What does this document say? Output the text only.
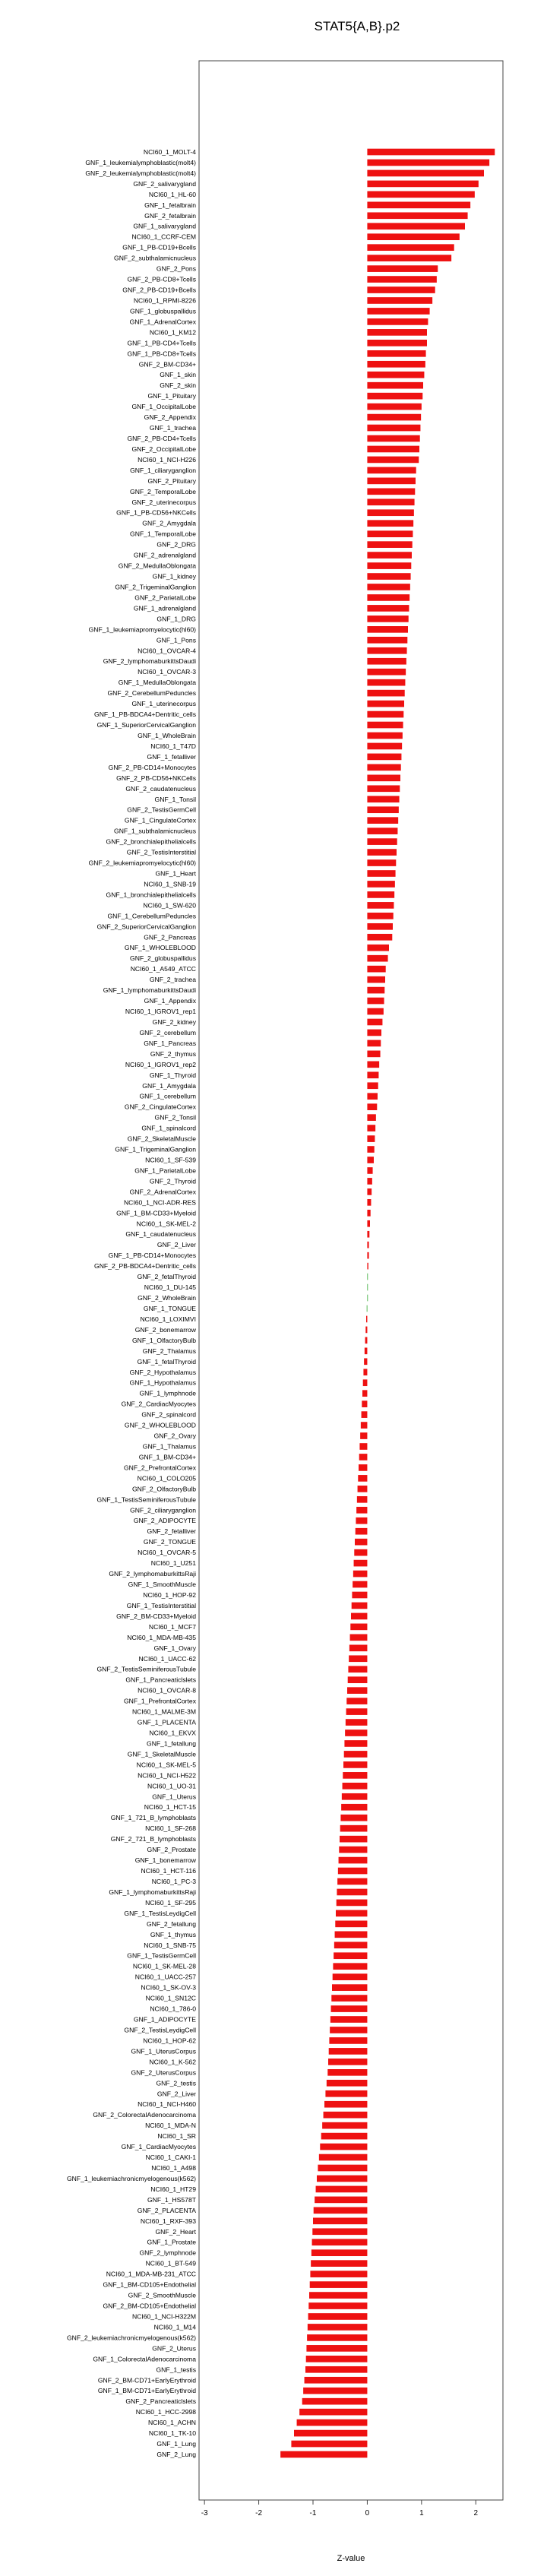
STAT5{A,B}.p2
NCI60_1_MOLT-4
GNF_1_leukemialymphoblastic(molt4)
GNF_2_leukemialymphoblastic(molt4)
GNF_2_salivarygland
NCI60_1_HL-60
GNF_1_fetalbrain
GNF_2_fetalbrain
GNF_1_salivarygland
NCI60_1_CCRF-CEM
GNF_1_PB-CD19+Bcells
GNF_2_subthalamicnucleus
GNF_2_Pons
GNF_2_PB-CD8+Tcells
GNF_2_PB-CD19+Bcells
NCI60_1_RPMI-8226
GNF_1_globuspallidus
GNF_1_AdrenalCortex
NCI60_1_KM12
GNF_1_PB-CD4+Tcells
GNF_1_PB-CD8+Tcells
GNF_2_BM-CD34+
GNF_1_skin
GNF_2_skin
GNF_1_Pituitary
GNF_1_OccipitalLobe
GNF_2_Appendix
GNF_1_trachea
GNF_2_PB-CD4+Tcells
GNF_2_OccipitalLobe
NCI60_1_NCI-H226
GNF_1_ciliaryganglion
GNF_2_Pituitary
GNF_2_TemporalLobe
GNF_2_uterinecorpus
GNF_1_PB-CD56+NKCells
GNF_2_Amygdala
GNF_1_TemporalLobe
GNF_2_DRG
GNF_2_adrenalgland
GNF_2_MedullaOblongata
GNF_1_kidney
GNF_2_TrigeminalGanglion
GNF_2_ParietalLobe
GNF_1_adrenalgland
GNF_1_DRG
GNF_1_leukemiapromyelocytic(hl60)
GNF_1_Pons
NCI60_1_OVCAR-4
GNF_2_lymphomaburkittsDaudi
NCI60_1_OVCAR-3
GNF_1_MedullaOblongata
GNF_2_CerebellumPeduncles
GNF_1_uterinecorpus
GNF_1_PB-BDCA4+Dentritic_cells
GNF_1_SuperiorCervicalGanglion
GNF_1_WholeBrain
NCI60_1_T47D
GNF_1_fetalliver
GNF_2_PB-CD14+Monocytes
GNF_2_PB-CD56+NKCells
GNF_2_caudatenucleus
GNF_1_Tonsil
GNF_2_TestisGermCell
GNF_1_CingulateCortex
GNF_1_subthalamicnucleus
GNF_2_bronchialepithelialcells
GNF_2_TestisInterstitial
GNF_2_leukemiapromyelocytic(hl60)
GNF_1_Heart
NCI60_1_SNB-19
GNF_1_bronchialepithelialcells
NCI60_1_SW-620
GNF_1_CerebellumPeduncles
GNF_2_SuperiorCervicalGanglion
GNF_2_Pancreas
GNF_1_WHOLEBLOOD
GNF_2_globuspallidus
NCI60_1_A549_ATCC
GNF_2_trachea
GNF_1_lymphomaburkittsDaudi
GNF_1_Appendix
NCI60_1_IGROV1_rep1
GNF_2_kidney
GNF_2_cerebellum
GNF_1_Pancreas
GNF_2_thymus
NCI60_1_IGROV1_rep2
GNF_1_Thyroid
GNF_1_Amygdala
GNF_1_cerebellum
GNF_2_CingulateCortex
GNF_2_Tonsil
GNF_1_spinalcord
GNF_2_SkeletalMuscle
GNF_1_TrigeminalGanglion
NCI60_1_SF-539
GNF_1_ParietalLobe
GNF_2_Thyroid
GNF_2_AdrenalCortex
NCI60_1_NCI-ADR-RES
GNF_1_BM-CD33+Myeloid
NCI60_1_SK-MEL-2
GNF_1_caudatenucleus
GNF_2_Liver
GNF_1_PB-CD14+Monocytes
GNF_2_PB-BDCA4+Dentritic_cells
GNF_2_fetalThyroid
NCI60_1_DU-145
GNF_2_WholeBrain
GNF_1_TONGUE
NCI60_1_LOXIMVI
GNF_2_bonemarrow
GNF_1_OlfactoryBulb
GNF_2_Thalamus
GNF_1_fetalThyroid
GNF_2_Hypothalamus
GNF_1_Hypothalamus
GNF_1_lymphnode
GNF_2_CardiacMyocytes
GNF_2_spinalcord
GNF_2_WHOLEBLOOD
GNF_2_Ovary
GNF_1_Thalamus
GNF_1_BM-CD34+
GNF_2_PrefrontalCortex
NCI60_1_COLO205
GNF_2_OlfactoryBulb
GNF_1_TestisSeminiferousTubule
GNF_2_ciliaryganglion
GNF_2_ADIPOCYTE
GNF_2_fetalliver
GNF_2_TONGUE
NCI60_1_OVCAR-5
NCI60_1_U251
GNF_2_lymphomaburkittsRaji
GNF_1_SmoothMuscle
NCI60_1_HOP-92
GNF_1_TestisInterstitial
GNF_2_BM-CD33+Myeloid
NCI60_1_MCF7
NCI60_1_MDA-MB-435
GNF_1_Ovary
NCI60_1_UACC-62
GNF_2_TestisSeminiferousTubule
GNF_1_Pancreaticlslets
NCI60_1_OVCAR-8
GNF_1_PrefrontalCortex
NCI60_1_MALME-3M
GNF_1_PLACENTA
NCI60_1_EKVX
GNF_1_fetallung
GNF_1_SkeletalMuscle
NCI60_1_SK-MEL-5
NCI60_1_NCI-H522
NCI60_1_UO-31
GNF_1_Uterus
NCI60_1_HCT-15
GNF_1_721_B_lymphoblasts
NCI60_1_SF-268
GNF_2_721_B_lymphoblasts
GNF_2_Prostate
GNF_1_bonemarrow
NCI60_1_HCT-116
NCI60_1_PC-3
GNF_1_lymphomaburkittsRaji
NCI60_1_SF-295
GNF_1_TestisLeydigCell
GNF_2_fetallung
GNF_1_thymus
NCI60_1_SNB-75
GNF_1_TestisGermCell
NCI60_1_SK-MEL-28
NCI60_1_UACC-257
NCI60_1_SK-OV-3
NCI60_1_SN12C
NCI60_1_786-0
GNF_1_ADIPOCYTE
GNF_2_TestisLeydigCell
NCI60_1_HOP-62
GNF_1_UterusCorpus
NCI60_1_K-562
GNF_2_UterusCorpus
GNF_2_testis
GNF_2_Liver
NCI60_1_NCI-H460
GNF_2_ColorectalAdenocarcinoma
NCI60_1_MDA-N
NCI60_1_SR
GNF_1_CardiacMyocytes
NCI60_1_CAKI-1
NCI60_1_A498
GNF_1_leukemiachronicmyelogenous(k562)
NCI60_1_HT29
GNF_1_HS578T
GNF_2_PLACENTA
NCI60_1_RXF-393
GNF_2_Heart
GNF_1_Prostate
GNF_2_lymphnode
NCI60_1_BT-549
NCI60_1_MDA-MB-231_ATCC
GNF_1_BM-CD105+Endothelial
GNF_2_SmoothMuscle
GNF_2_BM-CD105+Endothelial
NCI60_1_NCI-H322M
NCI60_1_M14
GNF_2_leukemiachronicmyelogenous(k562)
GNF_2_Uterus
GNF_1_ColorectalAdenocarcinoma
GNF_1_testis
GNF_2_BM-CD71+EarlyErythroid
GNF_1_BM-CD71+EarlyErythroid
GNF_2_Pancreaticlslets
NCI60_1_HCC-2998
NCI60_1_ACHN
NCI60_1_TK-10
GNF_1_Lung
GNF_2_Lung
-3	-2	-1	0	1	2
Z-value
